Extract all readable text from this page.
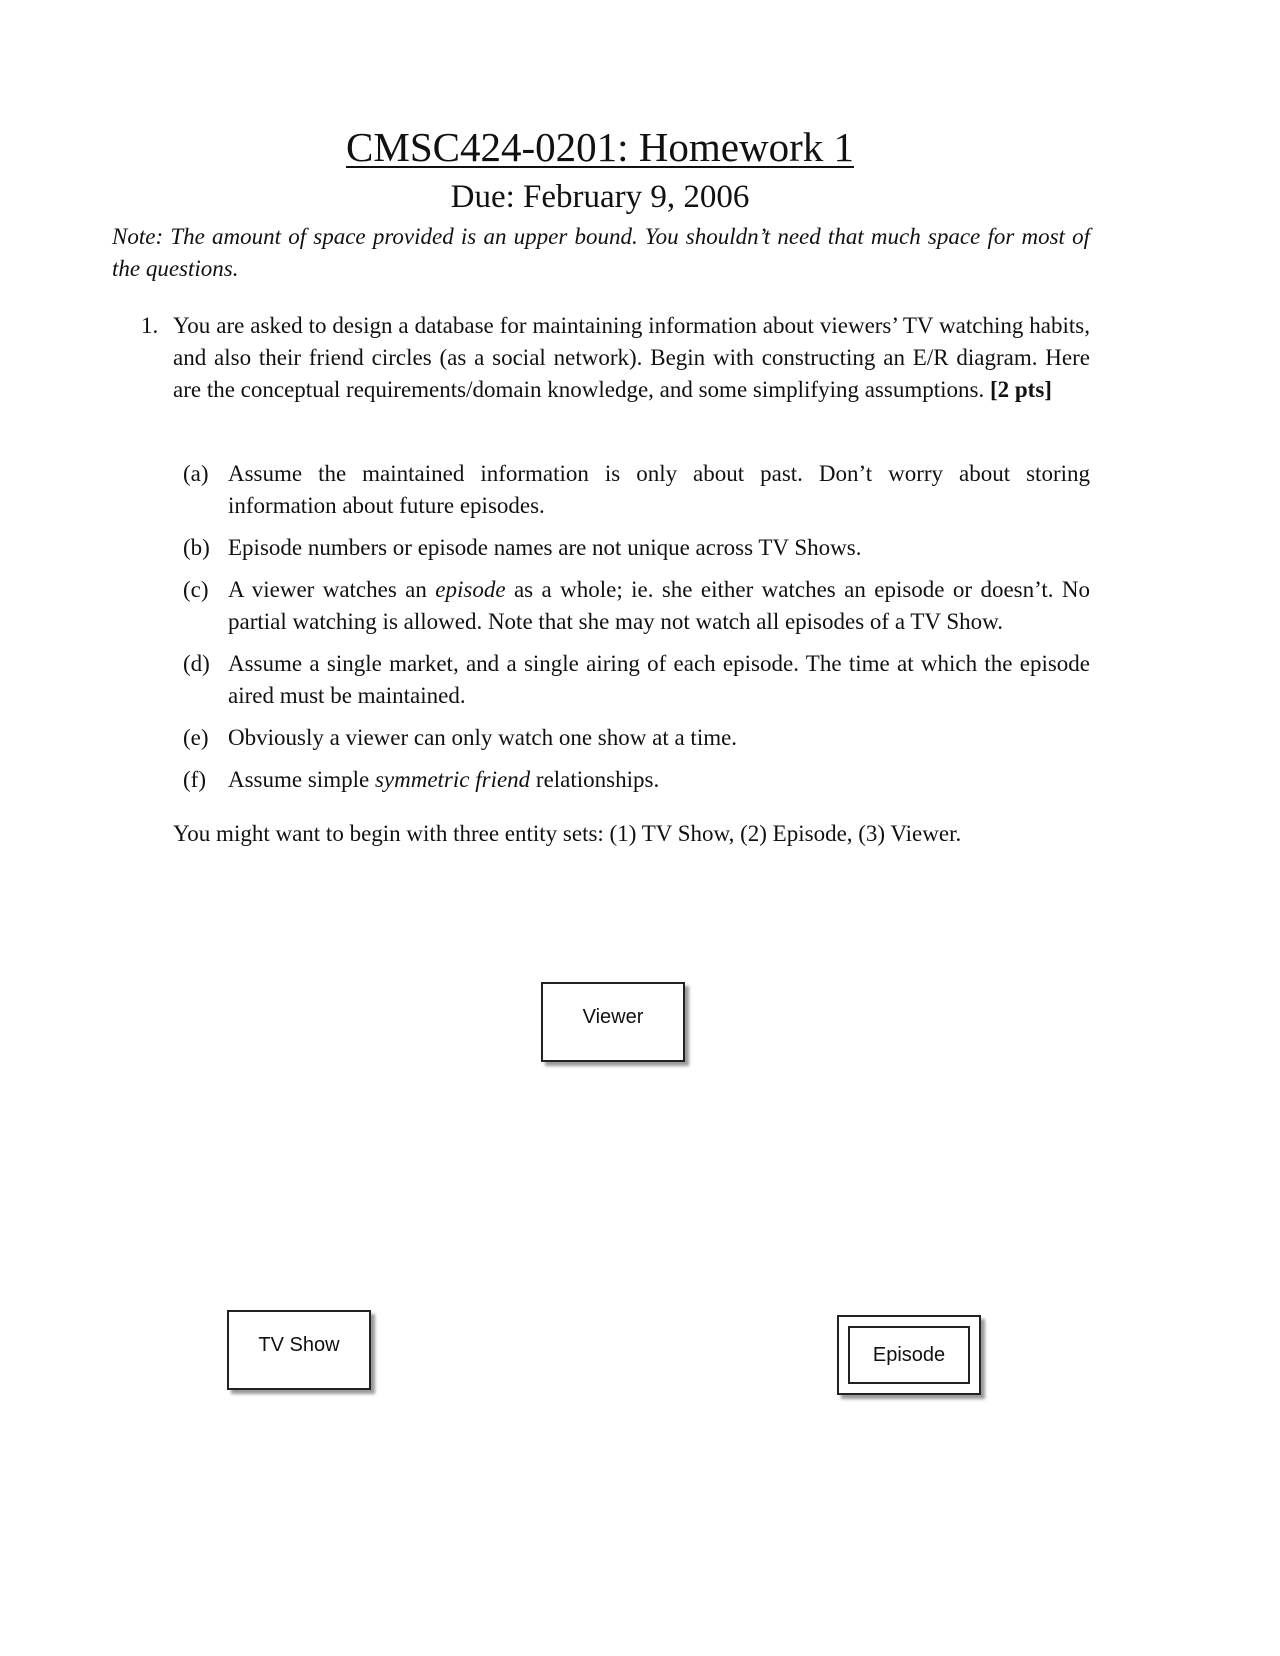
CMSC424-0201: Homework 1
Due: February 9, 2006
Note: The amount of space provided is an upper bound. You shouldn’t need that much space for most of the questions.
1. You are asked to design a database for maintaining information about viewers’ TV watching habits, and also their friend circles (as a social network). Begin with constructing an E/R diagram. Here are the conceptual requirements/domain knowledge, and some simplifying assumptions. [2 pts]
(a) Assume the maintained information is only about past. Don’t worry about storing information about future episodes.
(b) Episode numbers or episode names are not unique across TV Shows.
(c) A viewer watches an episode as a whole; ie. she either watches an episode or doesn’t. No partial watching is allowed. Note that she may not watch all episodes of a TV Show.
(d) Assume a single market, and a single airing of each episode. The time at which the episode aired must be maintained.
(e) Obviously a viewer can only watch one show at a time.
(f) Assume simple symmetric friend relationships.
You might want to begin with three entity sets: (1) TV Show, (2) Episode, (3) Viewer.
Viewer
TV Show	Episode
